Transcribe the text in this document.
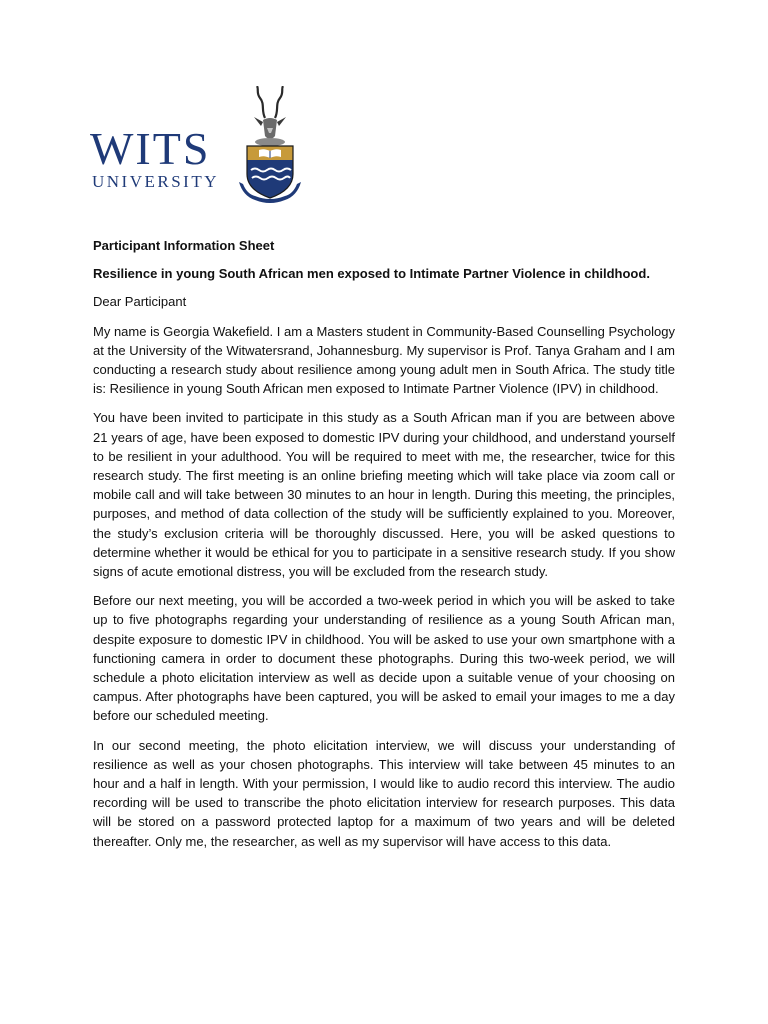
WITS
UNIVERSITY

Participant Information Sheet

Resilience in young South African men exposed to Intimate Partner Violence in childhood.

Dear Participant

My name is Georgia Wakefield. I am a Masters student in Community-Based Counselling Psychology at the University of the Witwatersrand, Johannesburg. My supervisor is Prof. Tanya Graham and I am conducting a research study about resilience among young adult men in South Africa. The study title is: Resilience in young South African men exposed to Intimate Partner Violence (IPV) in childhood.

You have been invited to participate in this study as a South African man if you are between above 21 years of age, have been exposed to domestic IPV during your childhood, and understand yourself to be resilient in your adulthood. You will be required to meet with me, the researcher, twice for this research study. The first meeting is an online briefing meeting which will take place via zoom call or mobile call and will take between 30 minutes to an hour in length. During this meeting, the principles, purposes, and method of data collection of the study will be sufficiently explained to you. Moreover, the study’s exclusion criteria will be thoroughly discussed. Here, you will be asked questions to determine whether it would be ethical for you to participate in a sensitive research study. If you show signs of acute emotional distress, you will be excluded from the research study.

Before our next meeting, you will be accorded a two-week period in which you will be asked to take up to five photographs regarding your understanding of resilience as a young South African man, despite exposure to domestic IPV in childhood. You will be asked to use your own smartphone with a functioning camera in order to document these photographs. During this two-week period, we will schedule a photo elicitation interview as well as decide upon a suitable venue of your choosing on campus. After photographs have been captured, you will be asked to email your images to me a day before our scheduled meeting.

In our second meeting, the photo elicitation interview, we will discuss your understanding of resilience as well as your chosen photographs. This interview will take between 45 minutes to an hour and a half in length. With your permission, I would like to audio record this interview. The audio recording will be used to transcribe the photo elicitation interview for research purposes. This data will be stored on a password protected laptop for a maximum of two years and will be deleted thereafter. Only me, the researcher, as well as my supervisor will have access to this data.
